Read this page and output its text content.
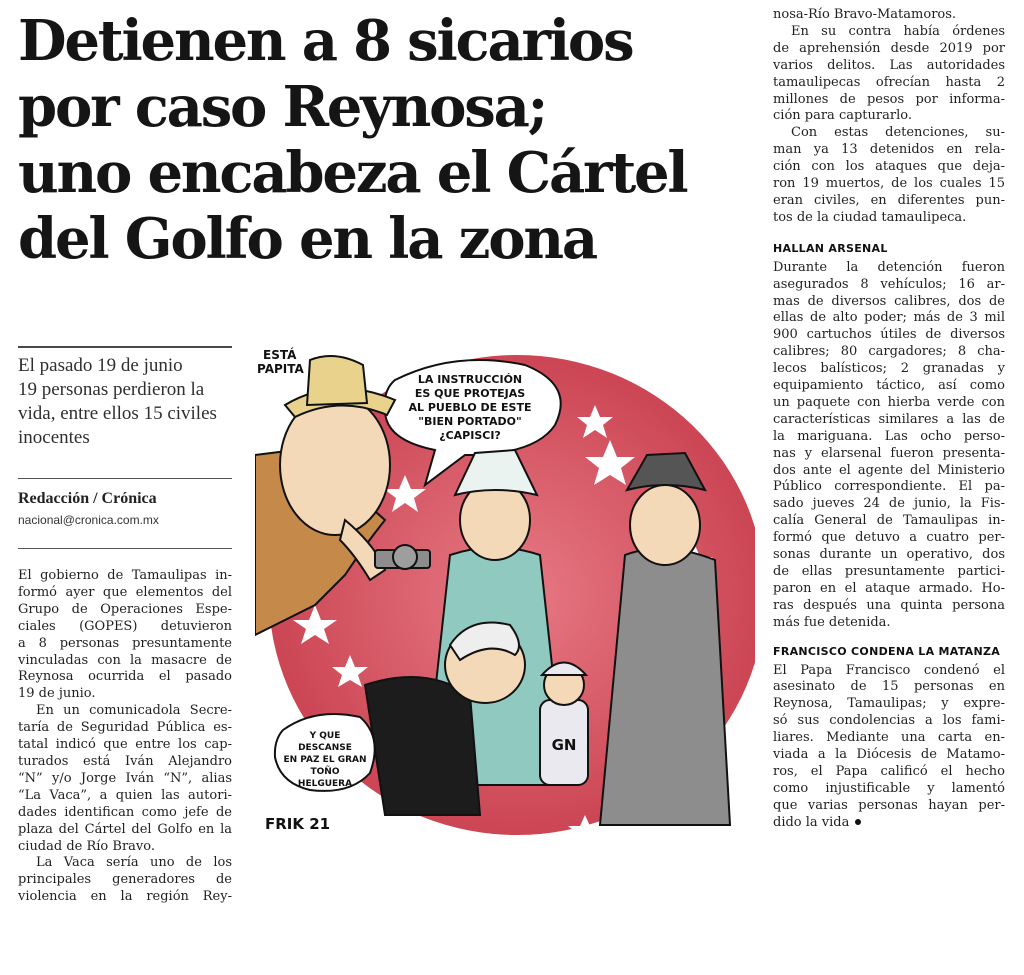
Detienen a 8 sicarios
por caso Reynosa;
uno encabeza el Cártel
del Golfo en la zona

El pasado 19 de junio

19 personas perdieron la

vida, entre ellos 15 civiles

inocentes

Redacción / Crónica
nacional@cronica.com.mx
El gobierno de Tamaulipas in-
formó ayer que elementos del
Grupo de Operaciones Espe-
ciales (GOPES) detuvieron
a 8 personas presuntamente
vinculadas con la masacre de
Reynosa ocurrida el pasado
19 de junio.
En un comunicadola Secre-
taría de Seguridad Pública es-
tatal indicó que entre los cap-
turados está Iván Alejandro
“N” y/o Jorge Iván “N”, alias
“La Vaca”, a quien las autori-
dades identifican como jefe de
plaza del Cártel del Golfo en la
ciudad de Río Bravo.
La Vaca sería uno de los
principales generadores de
violencia en la región Rey-
ESTÁ
PAPITA
LA INSTRUCCIÓN
ES QUE PROTEJAS
AL PUEBLO DE ESTE
"BIEN PORTADO"
¿CAPISCI?
GN
Y QUE
DESCANSE
EN PAZ EL GRAN
TOÑO
HELGUERA
FRIK 21
nosa-Río Bravo-Matamoros.
En su contra había órdenes
de aprehensión desde 2019 por
varios delitos. Las autoridades
tamaulipecas ofrecían hasta 2
millones de pesos por informa-
ción para capturarlo.
Con estas detenciones, su-
man ya 13 detenidos en rela-
ción con los ataques que deja-
ron 19 muertos, de los cuales 15
eran civiles, en diferentes pun-
tos de la ciudad tamaulipeca.
HALLAN ARSENAL
Durante la detención fueron
asegurados 8 vehículos; 16 ar-
mas de diversos calibres, dos de
ellas de alto poder; más de 3 mil
900 cartuchos útiles de diversos
calibres; 80 cargadores; 8 cha-
lecos balísticos; 2 granadas y
equipamiento táctico, así como
un paquete con hierba verde con
características similares a las de
la mariguana. Las ocho perso-
nas y elarsenal fueron presenta-
dos ante el agente del Ministerio
Público correspondiente. El pa-
sado jueves 24 de junio, la Fis-
calía General de Tamaulipas in-
formó que detuvo a cuatro per-
sonas durante un operativo, dos
de ellas presuntamente partici-
paron en el ataque armado. Ho-
ras después una quinta persona
más fue detenida.
FRANCISCO CONDENA LA MATANZA
El Papa Francisco condenó el
asesinato de 15 personas en
Reynosa, Tamaulipas; y expre-
só sus condolencias a los fami-
liares. Mediante una carta en-
viada a la Diócesis de Matamo-
ros, el Papa calificó el hecho
como injustificable y lamentó
que varias personas hayan per-
dido la vida
